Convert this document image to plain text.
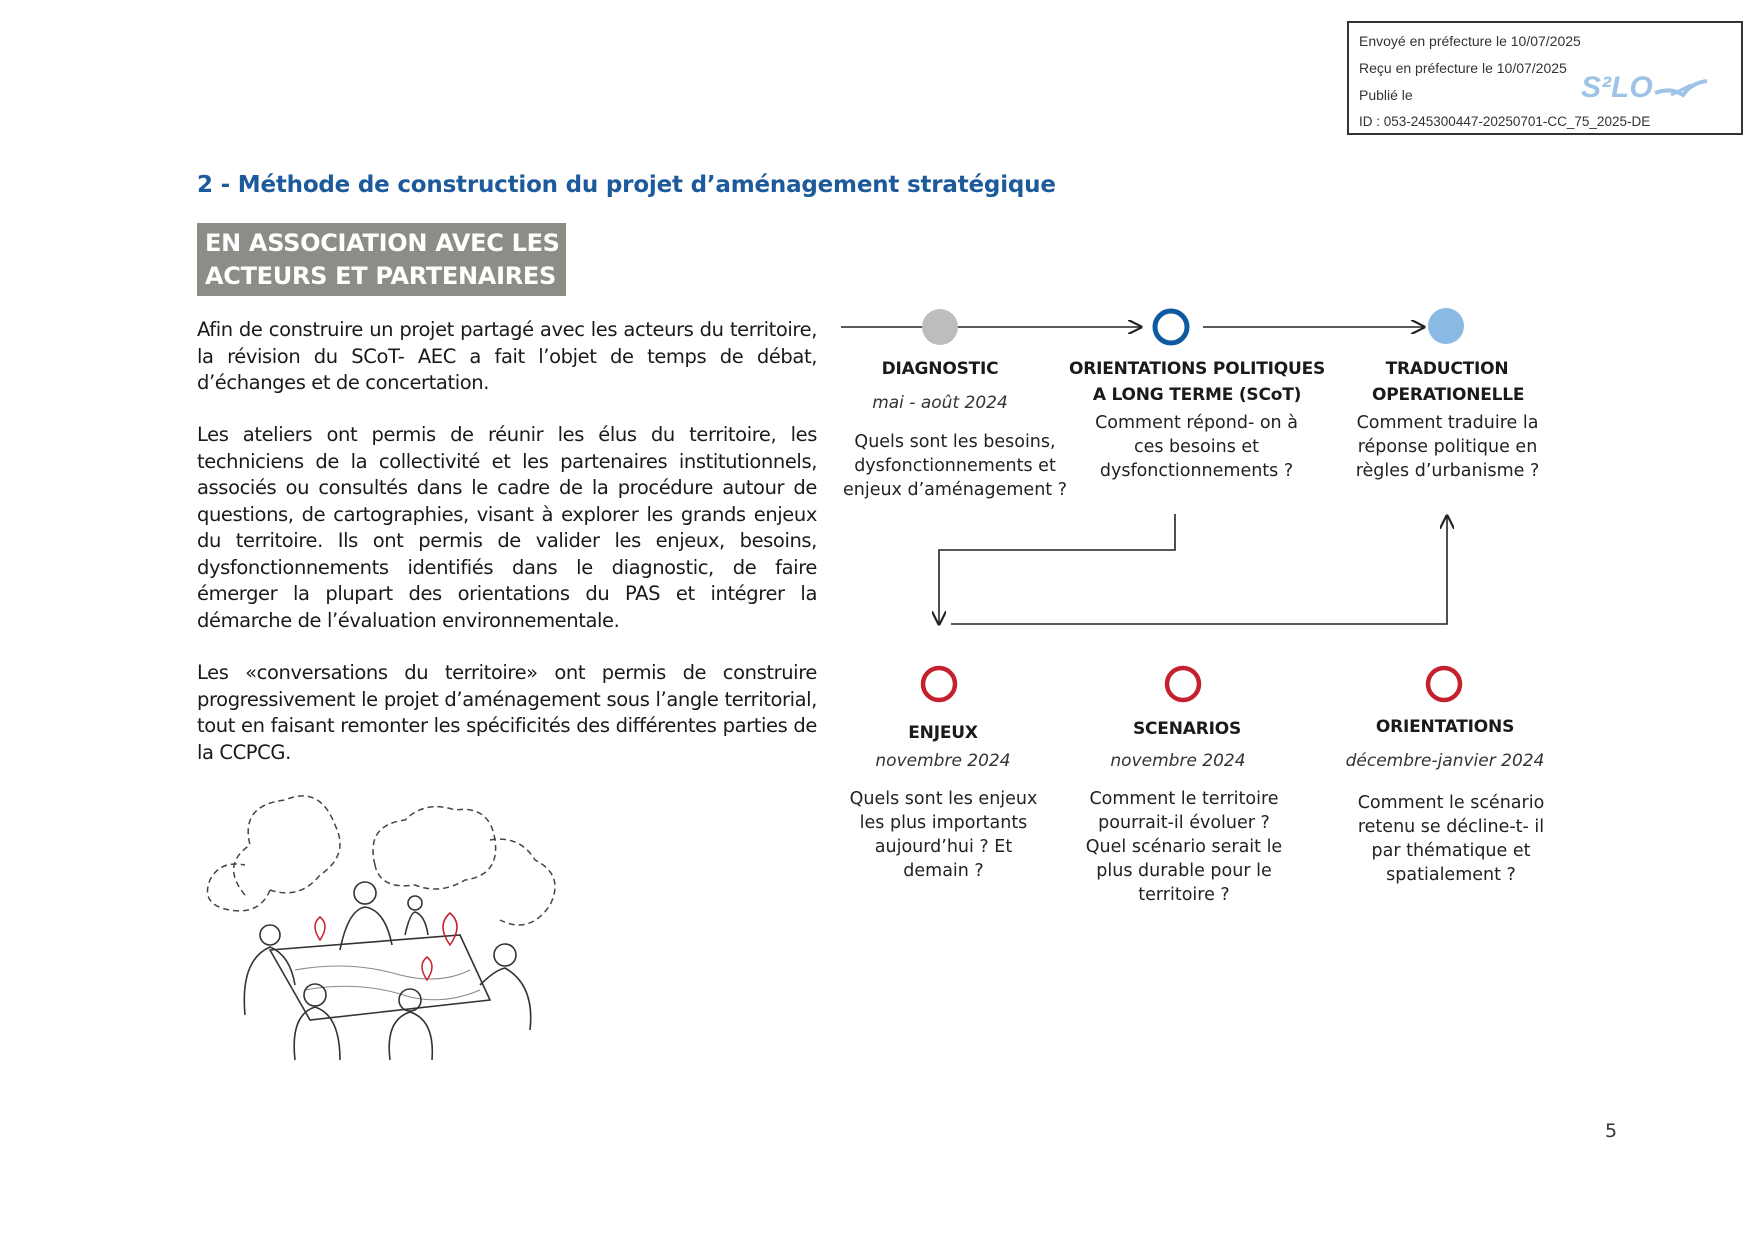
Envoyé en préfecture le 10/07/2025
Reçu en préfecture le 10/07/2025
Publié le
ID : 053-245300447-20250701-CC_75_2025-DE
S²LO
2 - Méthode de construction du projet d’aménagement stratégique
EN ASSOCIATION AVEC LES
ACTEURS ET PARTENAIRES
Afin de construire un projet partagé avec les acteurs du territoire, la révision du SCoT- AEC a fait l’objet de temps de débat, d’échanges et de concertation.
Les ateliers ont permis de réunir les élus du territoire, les techniciens de la collectivité et les partenaires institutionnels, associés ou consultés dans le cadre de la procédure autour de questions, de cartographies, visant à explorer les grands enjeux du territoire. Ils ont permis de valider les enjeux, besoins, dysfonctionnements identifiés dans le diagnostic, de faire émerger la plupart des orientations du PAS et intégrer la démarche de l’évaluation environnementale.
Les «conversations du territoire» ont permis de construire progressivement le projet d’aménagement sous l’angle territorial, tout en faisant remonter les spécificités des différentes parties de la CCPCG.
DIAGNOSTIC
mai - août 2024
Quels sont les besoins, dysfonctionnements et enjeux d’aménagement ?
ORIENTATIONS POLITIQUES A LONG TERME (SCoT)
Comment répond- on à ces besoins et dysfonctionnements ?
TRADUCTION OPERATIONELLE
Comment traduire la réponse politique en règles d’urbanisme ?
ENJEUX
novembre 2024
Quels sont les enjeux les plus importants aujourd’hui ? Et demain ?
SCENARIOS
novembre 2024
Comment le territoire pourrait-il évoluer ? Quel scénario serait le plus durable pour le territoire ?
ORIENTATIONS
décembre-janvier 2024
Comment le scénario retenu se décline-t- il par thématique et spatialement ?
5
